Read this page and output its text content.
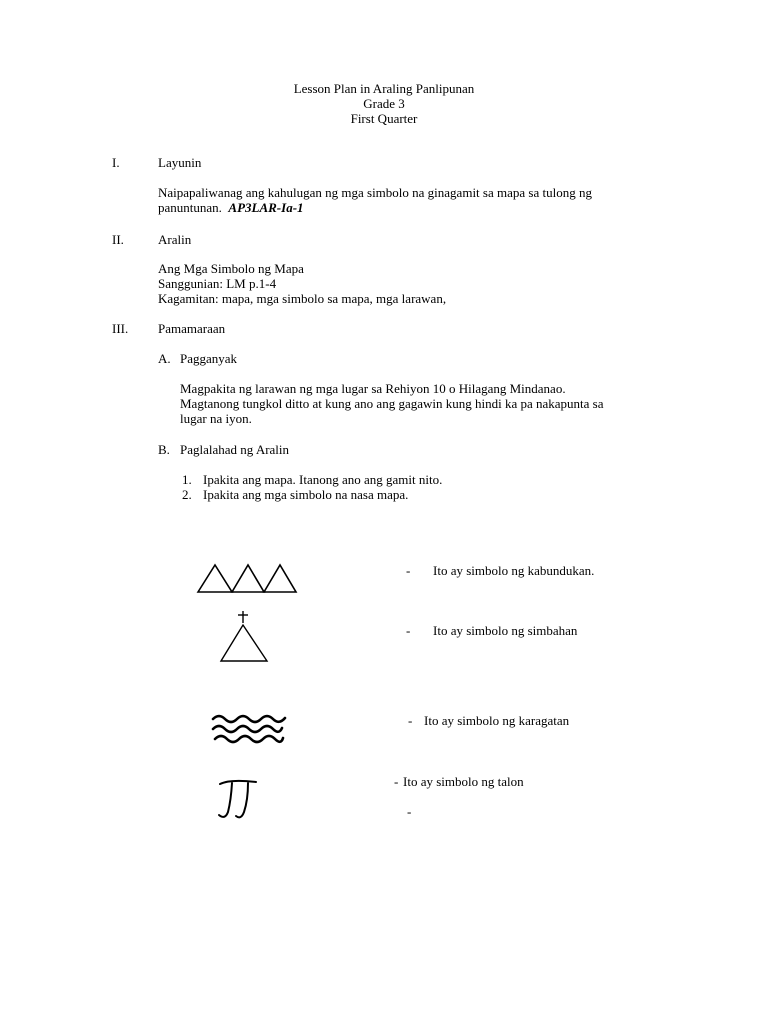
Lesson Plan in Araling Panlipunan
Grade 3
First Quarter
I.	Layunin
Naipapaliwanag ang kahulugan ng mga simbolo na ginagamit sa mapa sa tulong ng
panuntunan. AP3LAR-Ia-1
II.	Aralin
Ang Mga Simbolo ng Mapa
Sanggunian: LM p.1-4
Kagamitan: mapa, mga simbolo sa mapa, mga larawan,
III. Pamamaraan
A. Pagganyak
Magpakita ng larawan ng mga lugar sa Rehiyon 10 o Hilagang Mindanao.
Magtanong tungkol ditto at kung ano ang gagawin kung hindi ka pa nakapunta sa
lugar na iyon.
B. Paglalahad ng Aralin
1. Ipakita ang mapa. Itanong ano ang gamit nito.
2. Ipakita ang mga simbolo na nasa mapa.
- Ito ay simbolo ng kabundukan.
- Ito ay simbolo ng simbahan
- Ito ay simbolo ng karagatan
- Ito ay simbolo ng talon
-
